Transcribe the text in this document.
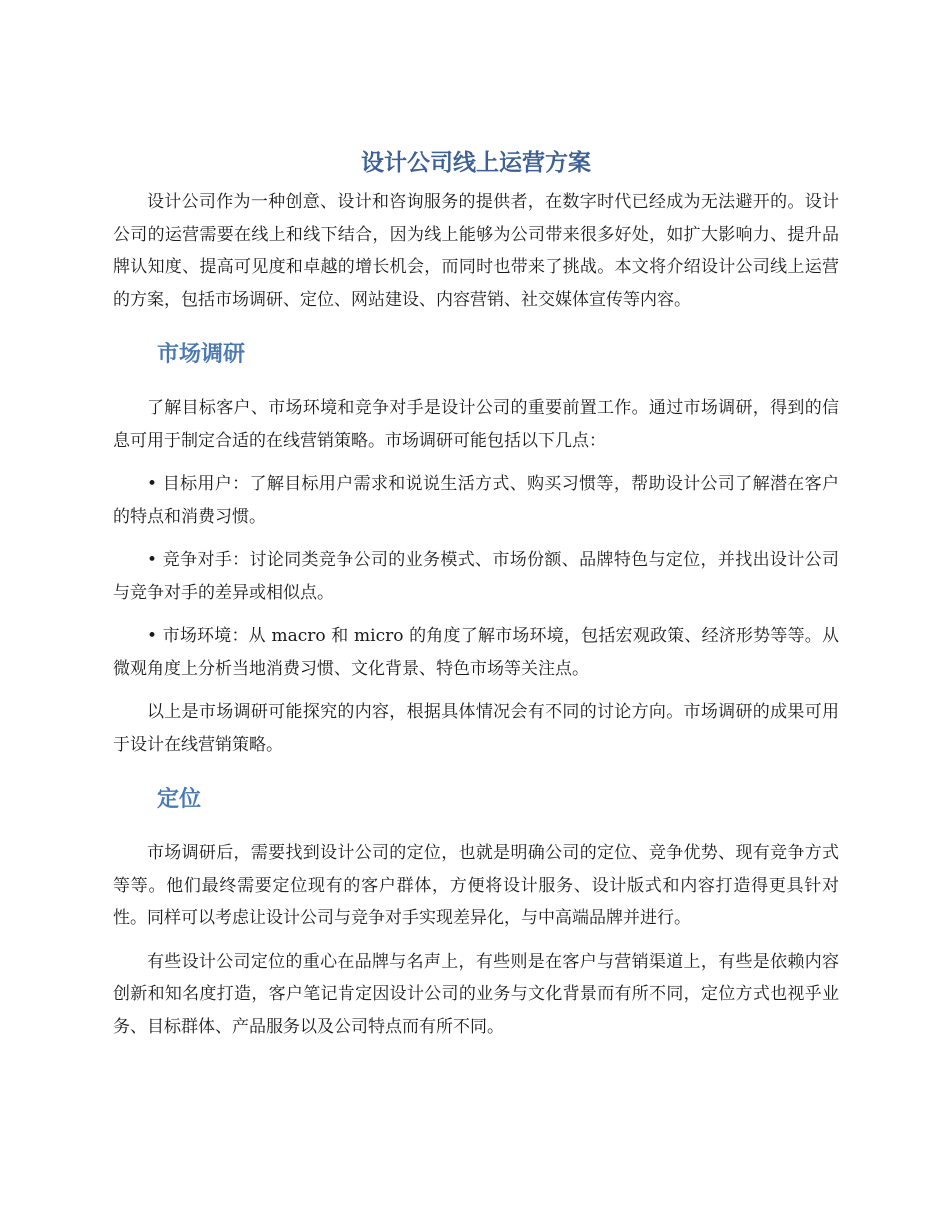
设计公司线上运营方案

设计公司作为一种创意、设计和咨询服务的提供者，在数字时代已经成为无法避开的。设计公司的运营需要在线上和线下结合，因为线上能够为公司带来很多好处，如扩大影响力、提升品牌认知度、提高可见度和卓越的增长机会，而同时也带来了挑战。本文将介绍设计公司线上运营的方案，包括市场调研、定位、网站建设、内容营销、社交媒体宣传等内容。

市场调研

了解目标客户、市场环境和竞争对手是设计公司的重要前置工作。通过市场调研，得到的信息可用于制定合适的在线营销策略。市场调研可能包括以下几点：

• 目标用户：了解目标用户需求和说说生活方式、购买习惯等，帮助设计公司了解潜在客户的特点和消费习惯。

• 竞争对手：讨论同类竞争公司的业务模式、市场份额、品牌特色与定位，并找出设计公司与竞争对手的差异或相似点。

• 市场环境：从 macro 和 micro 的角度了解市场环境，包括宏观政策、经济形势等等。从微观角度上分析当地消费习惯、文化背景、特色市场等关注点。

以上是市场调研可能探究的内容，根据具体情况会有不同的讨论方向。市场调研的成果可用于设计在线营销策略。

定位

市场调研后，需要找到设计公司的定位，也就是明确公司的定位、竞争优势、现有竞争方式等等。他们最终需要定位现有的客户群体，方便将设计服务、设计版式和内容打造得更具针对性。同样可以考虑让设计公司与竞争对手实现差异化，与中高端品牌并进行。

有些设计公司定位的重心在品牌与名声上，有些则是在客户与营销渠道上，有些是依赖内容创新和知名度打造，客户笔记肯定因设计公司的业务与文化背景而有所不同，定位方式也视乎业务、目标群体、产品服务以及公司特点而有所不同。
